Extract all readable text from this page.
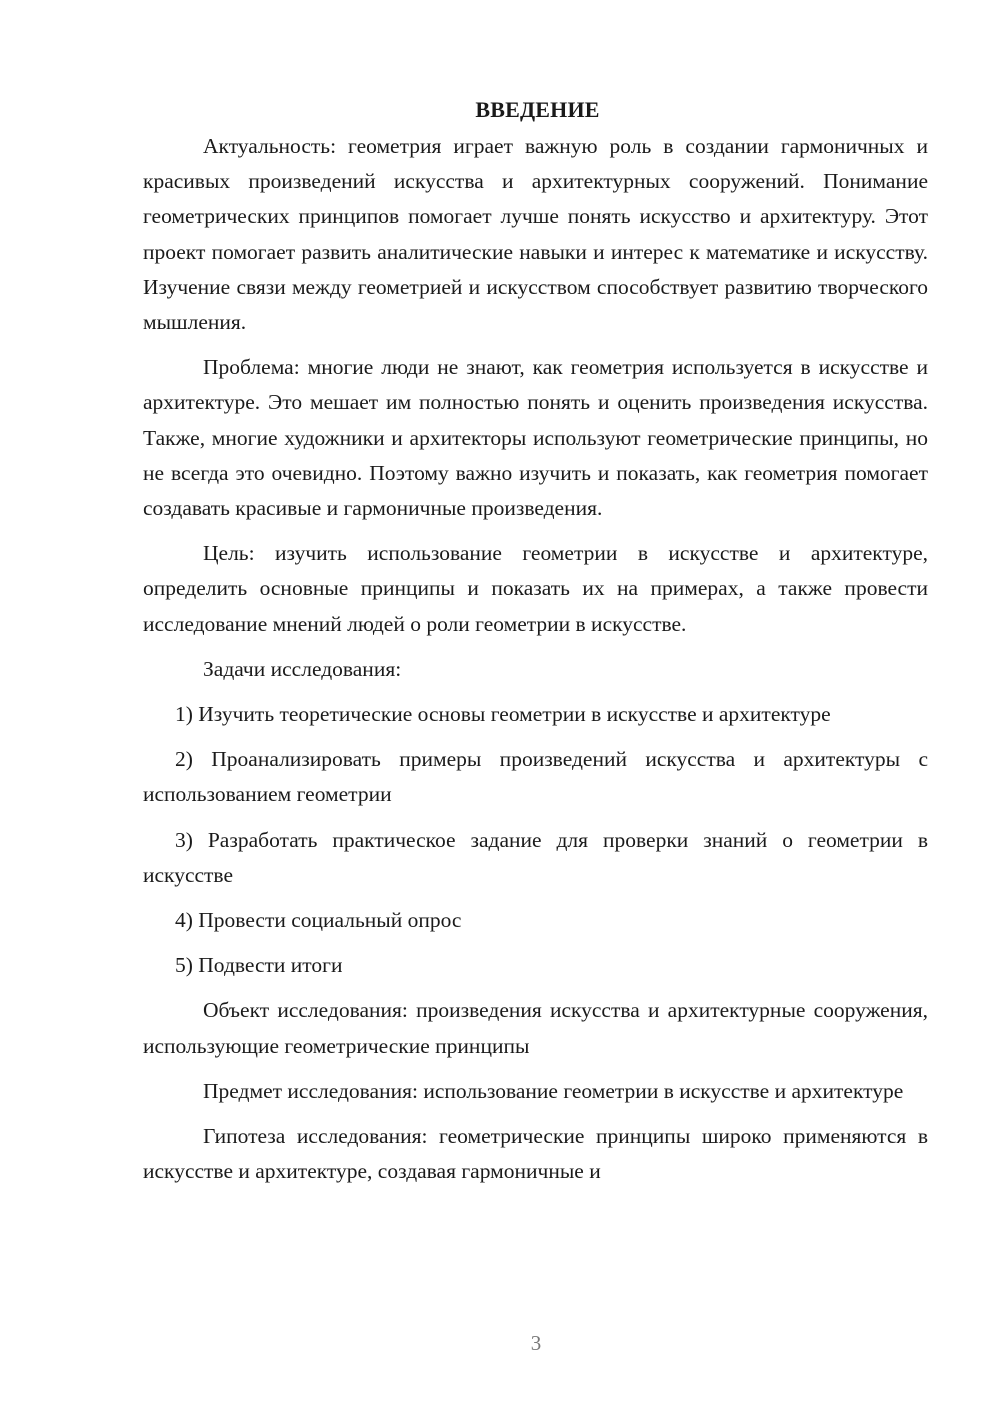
ВВЕДЕНИЕ

Актуальность: геометрия играет важную роль в создании гармоничных и красивых произведений искусства и архитектурных сооружений. Понимание геометрических принципов помогает лучше понять искусство и архитектуру. Этот проект помогает развить аналитические навыки и интерес к математике и искусству. Изучение связи между геометрией и искусством способствует развитию творческого мышления.

Проблема: многие люди не знают, как геометрия используется в искусстве и архитектуре. Это мешает им полностью понять и оценить произведения искусства. Также, многие художники и архитекторы используют геометрические принципы, но не всегда это очевидно. Поэтому важно изучить и показать, как геометрия помогает создавать красивые и гармоничные произведения.

Цель: изучить использование геометрии в искусстве и архитектуре, определить основные принципы и показать их на примерах, а также провести исследование мнений людей о роли геометрии в искусстве.

Задачи исследования:

1) Изучить теоретические основы геометрии в искусстве и архитектуре

2) Проанализировать примеры произведений искусства и архитектуры с использованием геометрии

3) Разработать практическое задание для проверки знаний о геометрии в искусстве

4) Провести социальный опрос

5) Подвести итоги

Объект исследования: произведения искусства и архитектурные сооружения, использующие геометрические принципы

Предмет исследования: использование геометрии в искусстве и архитектуре

Гипотеза исследования: геометрические принципы широко применяются в искусстве и архитектуре, создавая гармоничные и

3
